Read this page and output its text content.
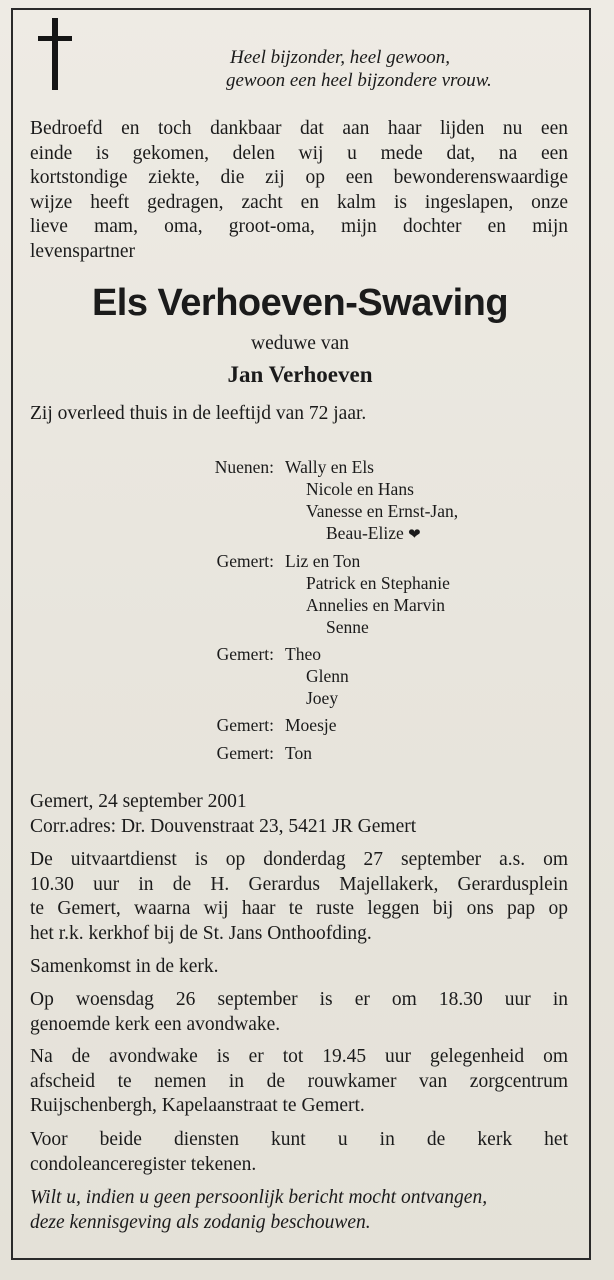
Heel bijzonder, heel gewoon,
gewoon een heel bijzondere vrouw.
Bedroefd en toch dankbaar dat aan haar lijden nu een
einde is gekomen, delen wij u mede dat, na een
kortstondige ziekte, die zij op een bewonderenswaardige
wijze heeft gedragen, zacht en kalm is ingeslapen, onze
lieve mam, oma, groot-oma, mijn dochter en mijn
levenspartner
Els Verhoeven-Swaving
weduwe van
Jan Verhoeven
Zij overleed thuis in de leeftijd van 72 jaar.
Nuenen: Wally en Els
Nicole en Hans
Vanesse en Ernst-Jan,
Beau-Elize ❤
Gemert: Liz en Ton
Patrick en Stephanie
Annelies en Marvin
Senne
Gemert: Theo
Glenn
Joey
Gemert: Moesje
Gemert: Ton
Gemert, 24 september 2001
Corr.adres: Dr. Douvenstraat 23, 5421 JR Gemert
De uitvaartdienst is op donderdag 27 september a.s. om
10.30 uur in de H. Gerardus Majellakerk, Gerardusplein
te Gemert, waarna wij haar te ruste leggen bij ons pap op
het r.k. kerkhof bij de St. Jans Onthoofding.
Samenkomst in de kerk.
Op woensdag 26 september is er om 18.30 uur in
genoemde kerk een avondwake.
Na de avondwake is er tot 19.45 uur gelegenheid om
afscheid te nemen in de rouwkamer van zorgcentrum
Ruijschenbergh, Kapelaanstraat te Gemert.
Voor beide diensten kunt u in de kerk het
condoleanceregister tekenen.
Wilt u, indien u geen persoonlijk bericht mocht ontvangen,
deze kennisgeving als zodanig beschouwen.
